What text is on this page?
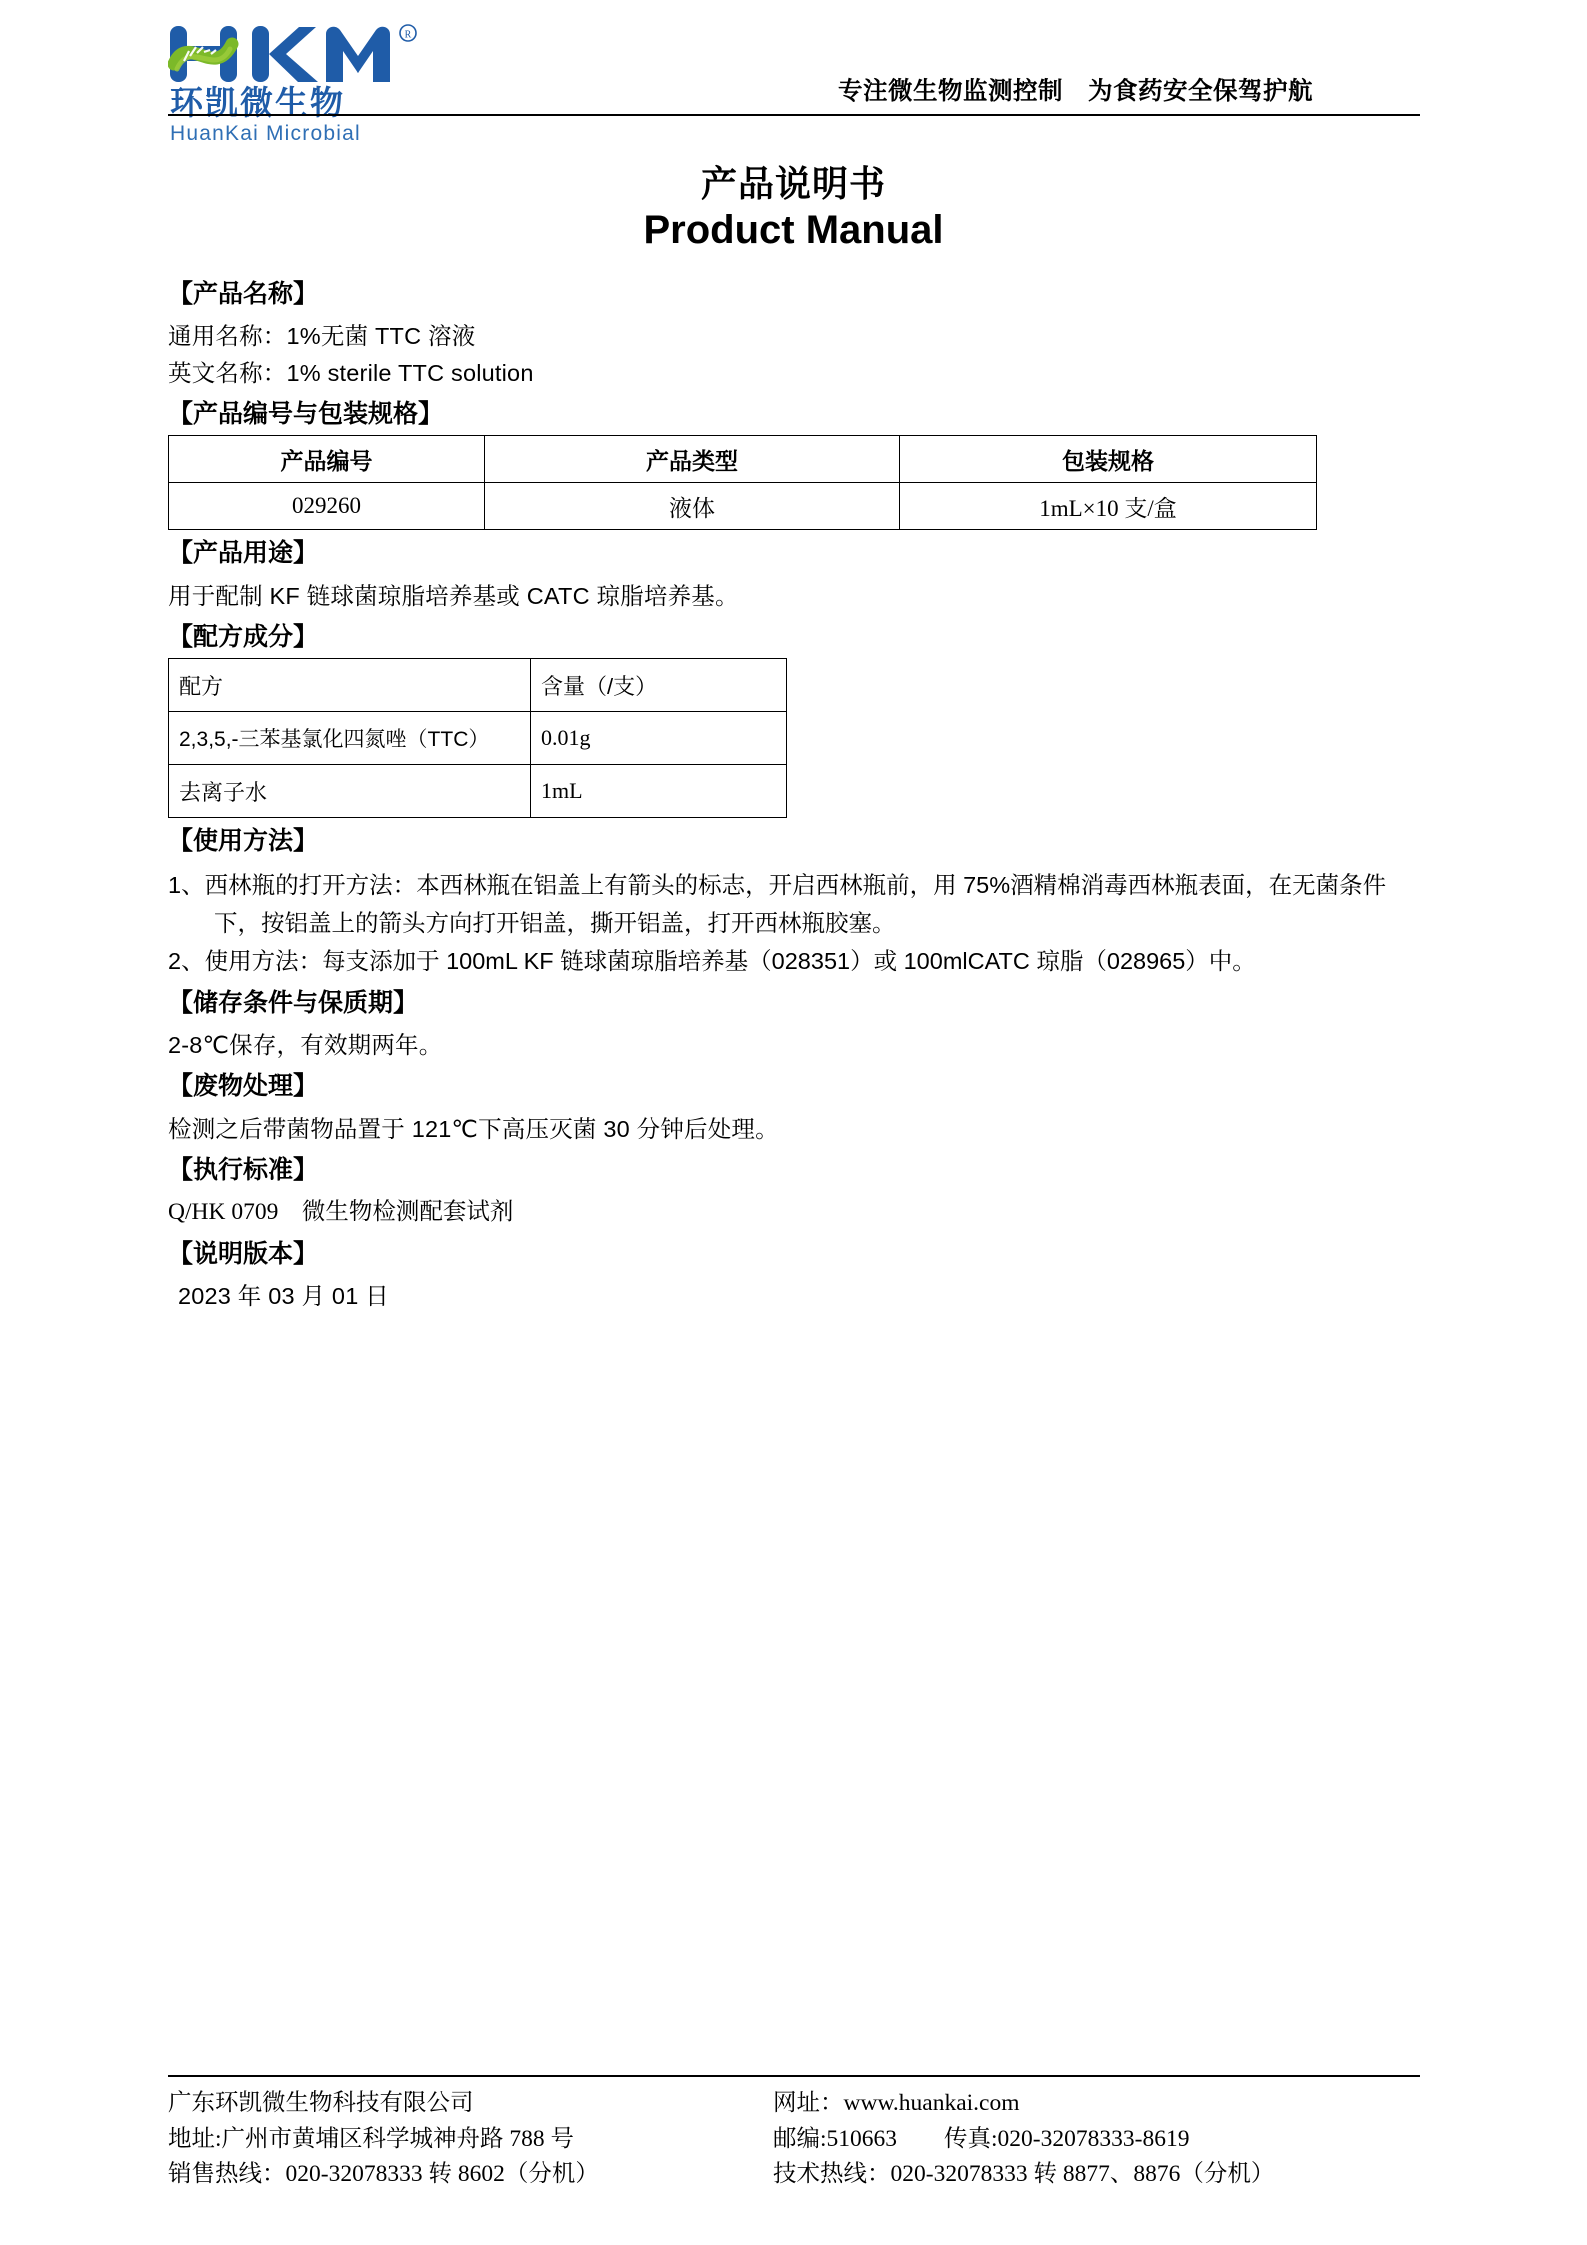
R
环凯微生物
HuanKai Microbial
专注微生物监测控制　为食药安全保驾护航
产品说明书
Product Manual
【产品名称】

通用名称：1%无菌 TTC 溶液

英文名称：1% sterile TTC solution

【产品编号与包装规格】
产品编号	产品类型	包装规格
029260	液体	1mL×10 支/盒
【产品用途】

用于配制 KF 链球菌琼脂培养基或 CATC 琼脂培养基。

【配方成分】
配方	含量（/支）
2,3,5,-三苯基氯化四氮唑（TTC）	0.01g
去离子水	1mL
【使用方法】

1、西林瓶的打开方法：本西林瓶在铝盖上有箭头的标志，开启西林瓶前，用 75%酒精棉消毒西林瓶表面，在无菌条件
下，按铝盖上的箭头方向打开铝盖，撕开铝盖，打开西林瓶胶塞。

2、使用方法：每支添加于 100mL KF 链球菌琼脂培养基（028351）或 100mlCATC 琼脂（028965）中。

【储存条件与保质期】

2-8℃保存，有效期两年。

【废物处理】

检测之后带菌物品置于 121℃下高压灭菌 30 分钟后处理。

【执行标准】

Q/HK 0709　微生物检测配套试剂

【说明版本】

2023 年 03 月 01 日

广东环凯微生物科技有限公司

地址:广州市黄埔区科学城神舟路 788 号

销售热线：020-32078333 转 8602（分机）

网址：www.huankai.com

邮编:510663　　传真:020-32078333-8619

技术热线：020-32078333 转 8877、8876（分机）
